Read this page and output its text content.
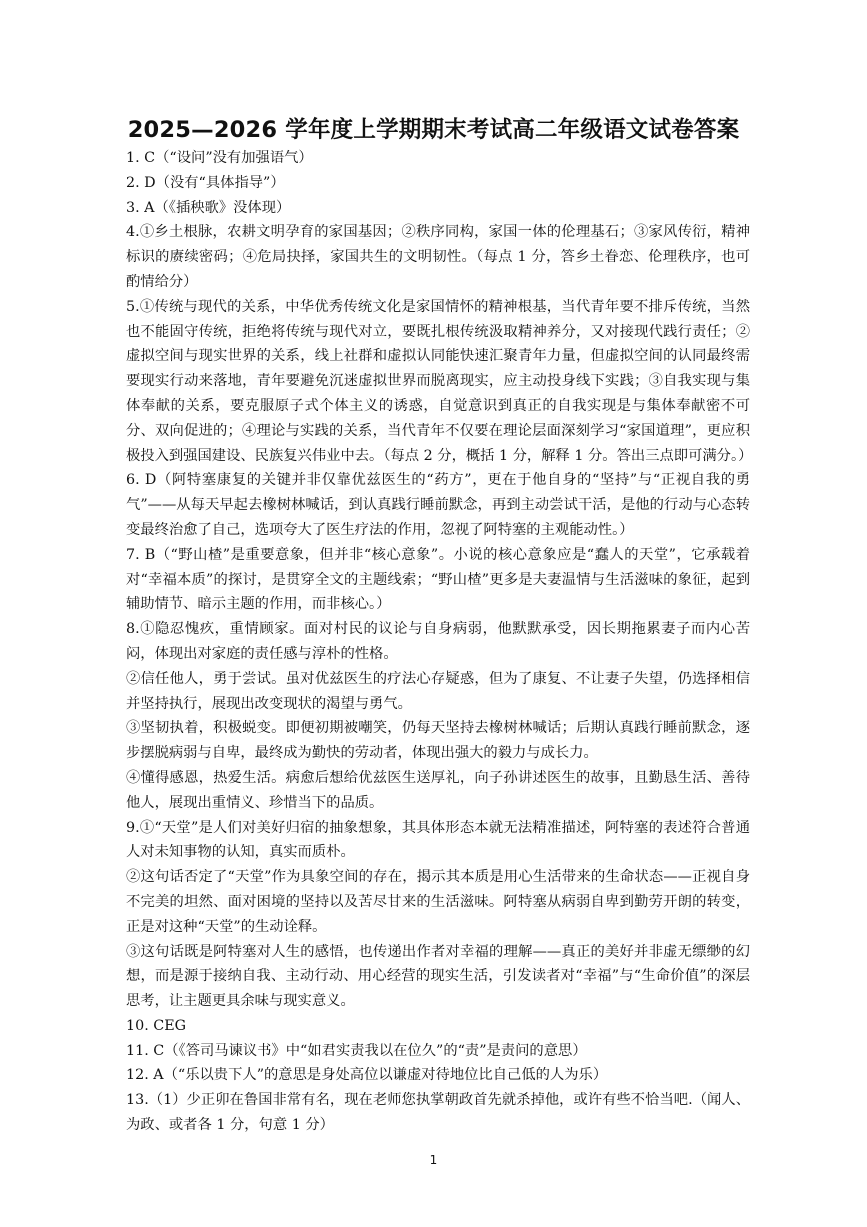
2025—2026 学年度上学期期末考试高二年级语文试卷答案

1. C（“设问”没有加强语气）

2. D（没有“具体指导”）

3. A（《插秧歌》没体现）

4.①乡土根脉，农耕文明孕育的家国基因；②秩序同构，家国一体的伦理基石；③家风传衍，精神标识的赓续密码；④危局抉择，家国共生的文明韧性。（每点 1 分，答乡土眷恋、伦理秩序，也可酌情给分）

5.①传统与现代的关系，中华优秀传统文化是家国情怀的精神根基，当代青年要不排斥传统，当然也不能固守传统，拒绝将传统与现代对立，要既扎根传统汲取精神养分，又对接现代践行责任；②虚拟空间与现实世界的关系，线上社群和虚拟认同能快速汇聚青年力量，但虚拟空间的认同最终需要现实行动来落地，青年要避免沉迷虚拟世界而脱离现实，应主动投身线下实践；③自我实现与集体奉献的关系，要克服原子式个体主义的诱惑，自觉意识到真正的自我实现是与集体奉献密不可分、双向促进的；④理论与实践的关系，当代青年不仅要在理论层面深刻学习“家国道理”，更应积极投入到强国建设、民族复兴伟业中去。（每点 2 分，概括 1 分，解释 1 分。答出三点即可满分。）

6. D（阿特塞康复的关键并非仅靠优兹医生的“药方”，更在于他自身的“坚持”与“正视自我的勇气”——从每天早起去橡树林喊话，到认真践行睡前默念，再到主动尝试干活，是他的行动与心态转变最终治愈了自己，选项夸大了医生疗法的作用，忽视了阿特塞的主观能动性。）

7. B（“野山楂”是重要意象，但并非“核心意象”。小说的核心意象应是“蠢人的天堂”，它承载着对“幸福本质”的探讨，是贯穿全文的主题线索；“野山楂”更多是夫妻温情与生活滋味的象征，起到辅助情节、暗示主题的作用，而非核心。）

8.①隐忍愧疚，重情顾家。面对村民的议论与自身病弱，他默默承受，因长期拖累妻子而内心苦闷，体现出对家庭的责任感与淳朴的性格。

②信任他人，勇于尝试。虽对优兹医生的疗法心存疑惑，但为了康复、不让妻子失望，仍选择相信并坚持执行，展现出改变现状的渴望与勇气。

③坚韧执着，积极蜕变。即便初期被嘲笑，仍每天坚持去橡树林喊话；后期认真践行睡前默念，逐步摆脱病弱与自卑，最终成为勤快的劳动者，体现出强大的毅力与成长力。

④懂得感恩，热爱生活。病愈后想给优兹医生送厚礼，向子孙讲述医生的故事，且勤恳生活、善待他人，展现出重情义、珍惜当下的品质。

9.①“天堂”是人们对美好归宿的抽象想象，其具体形态本就无法精准描述，阿特塞的表述符合普通人对未知事物的认知，真实而质朴。

②这句话否定了“天堂”作为具象空间的存在，揭示其本质是用心生活带来的生命状态——正视自身不完美的坦然、面对困境的坚持以及苦尽甘来的生活滋味。阿特塞从病弱自卑到勤劳开朗的转变，正是对这种“天堂”的生动诠释。

③这句话既是阿特塞对人生的感悟，也传递出作者对幸福的理解——真正的美好并非虚无缥缈的幻想，而是源于接纳自我、主动行动、用心经营的现实生活，引发读者对“幸福”与“生命价值”的深层思考，让主题更具余味与现实意义。

10. CEG

11. C（《答司马谏议书》中“如君实责我以在位久”的“责”是责问的意思）

12. A（“乐以贵下人”的意思是身处高位以谦虚对待地位比自己低的人为乐）

13.（1）少正卯在鲁国非常有名，现在老师您执掌朝政首先就杀掉他，或许有些不恰当吧.（闻人、为政、或者各 1 分，句意 1 分）

1
